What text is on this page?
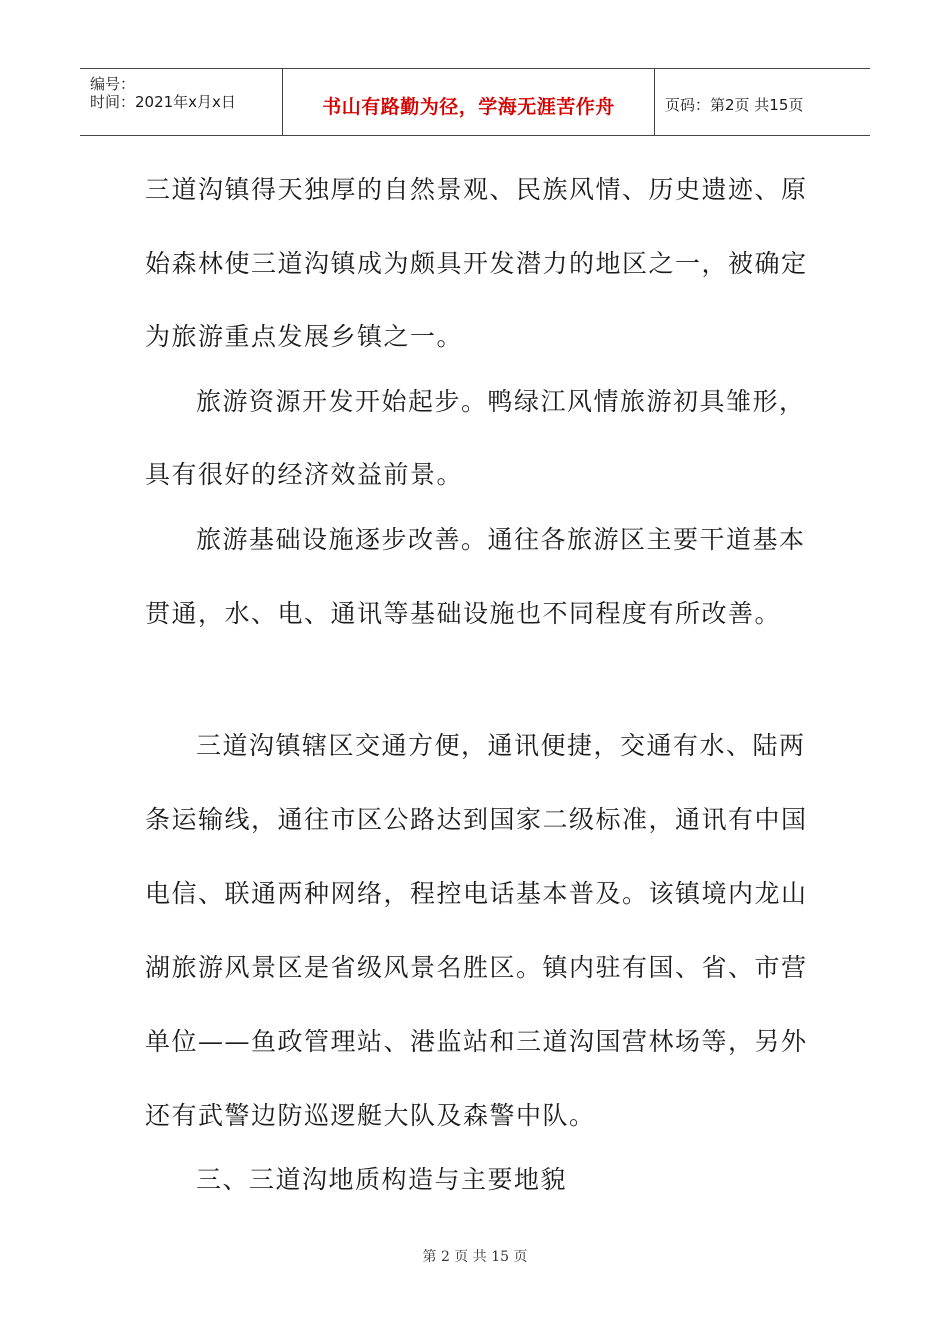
编号：
时间：2021年x月x日	书山有路勤为径，学海无涯苦作舟	页码：第2页 共15页

三道沟镇得天独厚的自然景观、民族风情、历史遗迹、原

始森林使三道沟镇成为颇具开发潜力的地区之一，被确定

为旅游重点发展乡镇之一。

旅游资源开发开始起步。鸭绿江风情旅游初具雏形，

具有很好的经济效益前景。

旅游基础设施逐步改善。通往各旅游区主要干道基本

贯通，水、电、通讯等基础设施也不同程度有所改善。

三道沟镇辖区交通方便，通讯便捷，交通有水、陆两

条运输线，通往市区公路达到国家二级标准，通讯有中国

电信、联通两种网络，程控电话基本普及。该镇境内龙山

湖旅游风景区是省级风景名胜区。镇内驻有国、省、市营

单位——鱼政管理站、港监站和三道沟国营林场等，另外

还有武警边防巡逻艇大队及森警中队。

三、三道沟地质构造与主要地貌

第 2 页 共 15 页
